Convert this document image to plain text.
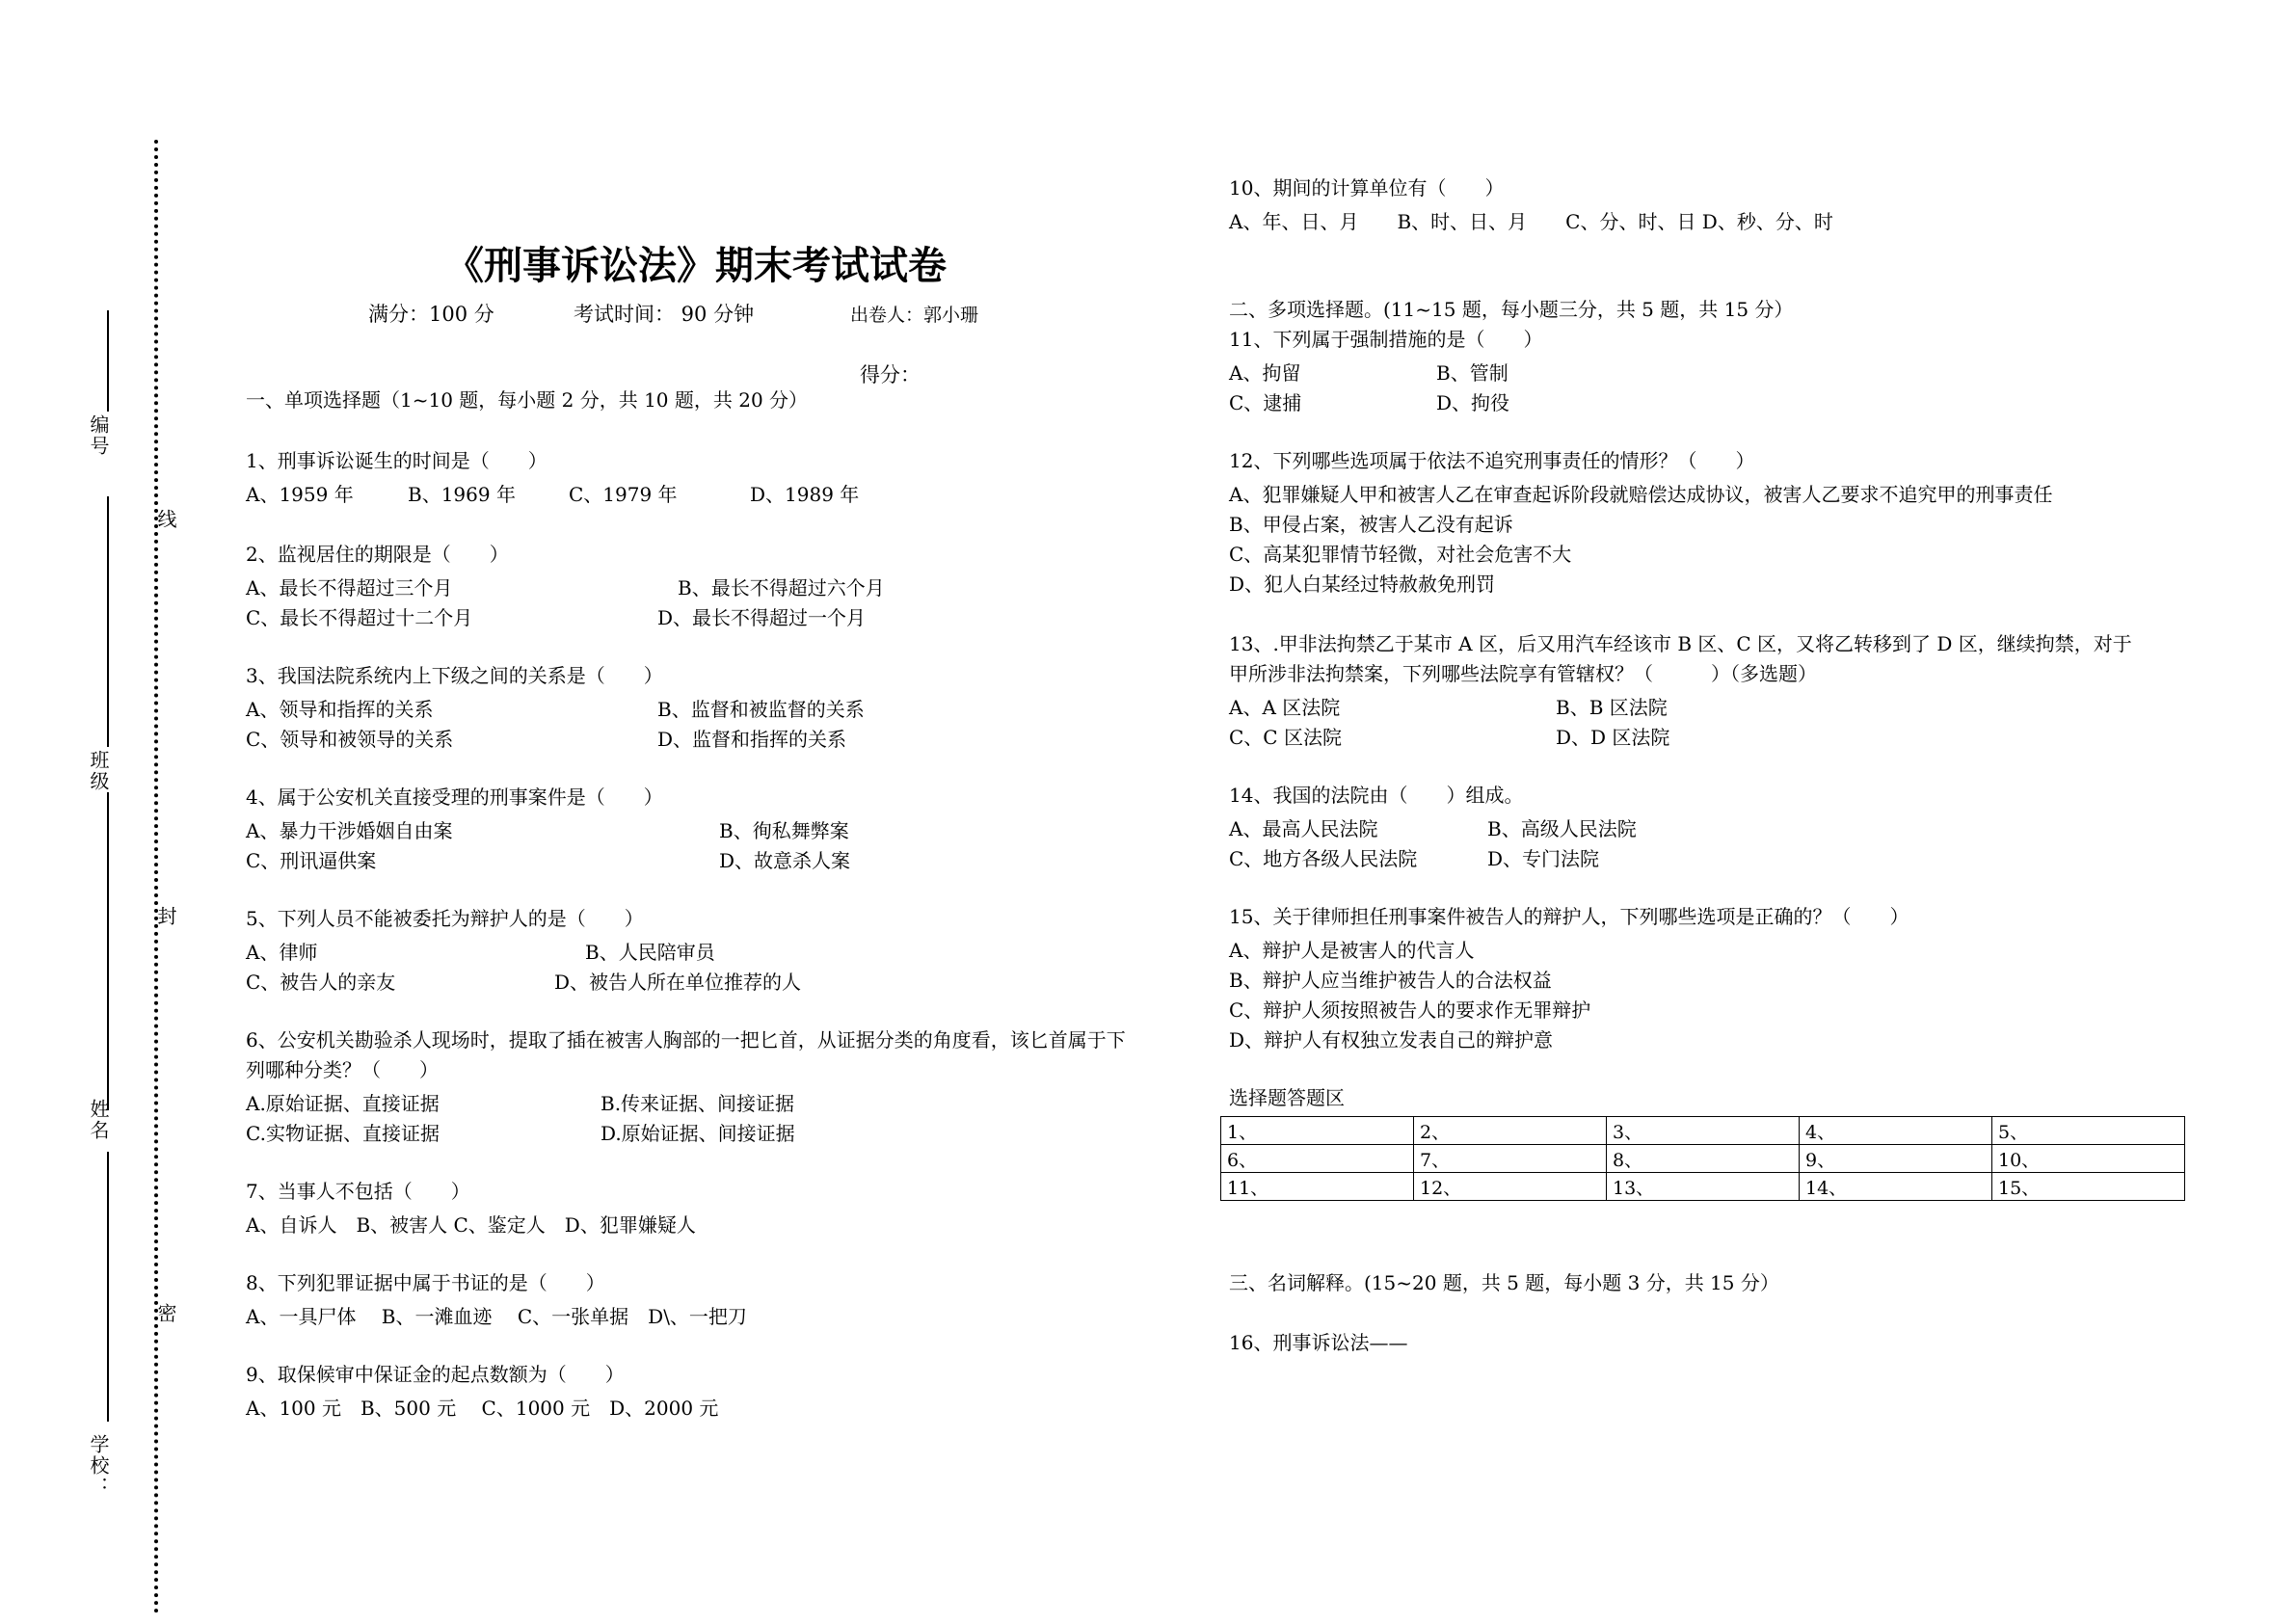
编号
班级
姓名
学校：
线
封
密
《刑事诉讼法》期末考试试卷
满分：100 分	考试时间： 90 分钟	出卷人：郭小珊
得分：
一、单项选择题（1~10 题，每小题 2 分，共 10 题，共 20 分）
1、刑事诉讼诞生的时间是（　　）
A、1959 年	B、1969 年	C、1979 年	D、1989 年
2、监视居住的期限是（　　）
A、最长不得超过三个月	B、最长不得超过六个月
C、最长不得超过十二个月	D、最长不得超过一个月
3、我国法院系统内上下级之间的关系是（　　）
A、领导和指挥的关系	B、监督和被监督的关系
C、领导和被领导的关系	D、监督和指挥的关系
4、属于公安机关直接受理的刑事案件是（　　）
A、暴力干涉婚姻自由案	B、徇私舞弊案
C、刑讯逼供案	D、故意杀人案
5、下列人员不能被委托为辩护人的是（　　）
A、律师	B、人民陪审员
C、被告人的亲友	D、被告人所在单位推荐的人
6、公安机关勘验杀人现场时，提取了插在被害人胸部的一把匕首，从证据分类的角度看，该匕首属于下
列哪种分类？（　　）
A.原始证据、直接证据	B.传来证据、间接证据
C.实物证据、直接证据	D.原始证据、间接证据
7、当事人不包括（　　）
A、自诉人　B、被害人 C、鉴定人　D、犯罪嫌疑人
8、下列犯罪证据中属于书证的是（　　）
A、一具尸体　 B、一滩血迹　 C、一张单据　D\、一把刀
9、取保候审中保证金的起点数额为（　　）
A、100 元　B、500 元　 C、1000 元　D、2000 元
10、期间的计算单位有（　　）
A、年、日、月　　B、时、日、月　　C、分、时、日 D、秒、分、时
二、多项选择题。(11~15 题，每小题三分，共 5 题，共 15 分）
11、下列属于强制措施的是（　　）
A、拘留	B、管制
C、逮捕	D、拘役
12、下列哪些选项属于依法不追究刑事责任的情形？（　　）
A、犯罪嫌疑人甲和被害人乙在审查起诉阶段就赔偿达成协议，被害人乙要求不追究甲的刑事责任
B、甲侵占案，被害人乙没有起诉
C、高某犯罪情节轻微，对社会危害不大
D、犯人白某经过特赦赦免刑罚
13、.甲非法拘禁乙于某市 A 区，后又用汽车经该市 B 区、C 区，又将乙转移到了 D 区，继续拘禁，对于
甲所涉非法拘禁案，下列哪些法院享有管辖权？（　　　）（多选题）
A、A 区法院	B、B 区法院
C、C 区法院	D、D 区法院
14、我国的法院由（　　）组成。
A、最高人民法院	B、高级人民法院
C、地方各级人民法院	D、专门法院
15、关于律师担任刑事案件被告人的辩护人，下列哪些选项是正确的？（　　）
A、辩护人是被害人的代言人
B、辩护人应当维护被告人的合法权益
C、辩护人须按照被告人的要求作无罪辩护
D、辩护人有权独立发表自己的辩护意
选择题答题区
1、	2、	3、	4、	5、
6、	7、	8、	9、	10、
11、	12、	13、	14、	15、
三、名词解释。(15~20 题，共 5 题，每小题 3 分，共 15 分）
16、刑事诉讼法——
